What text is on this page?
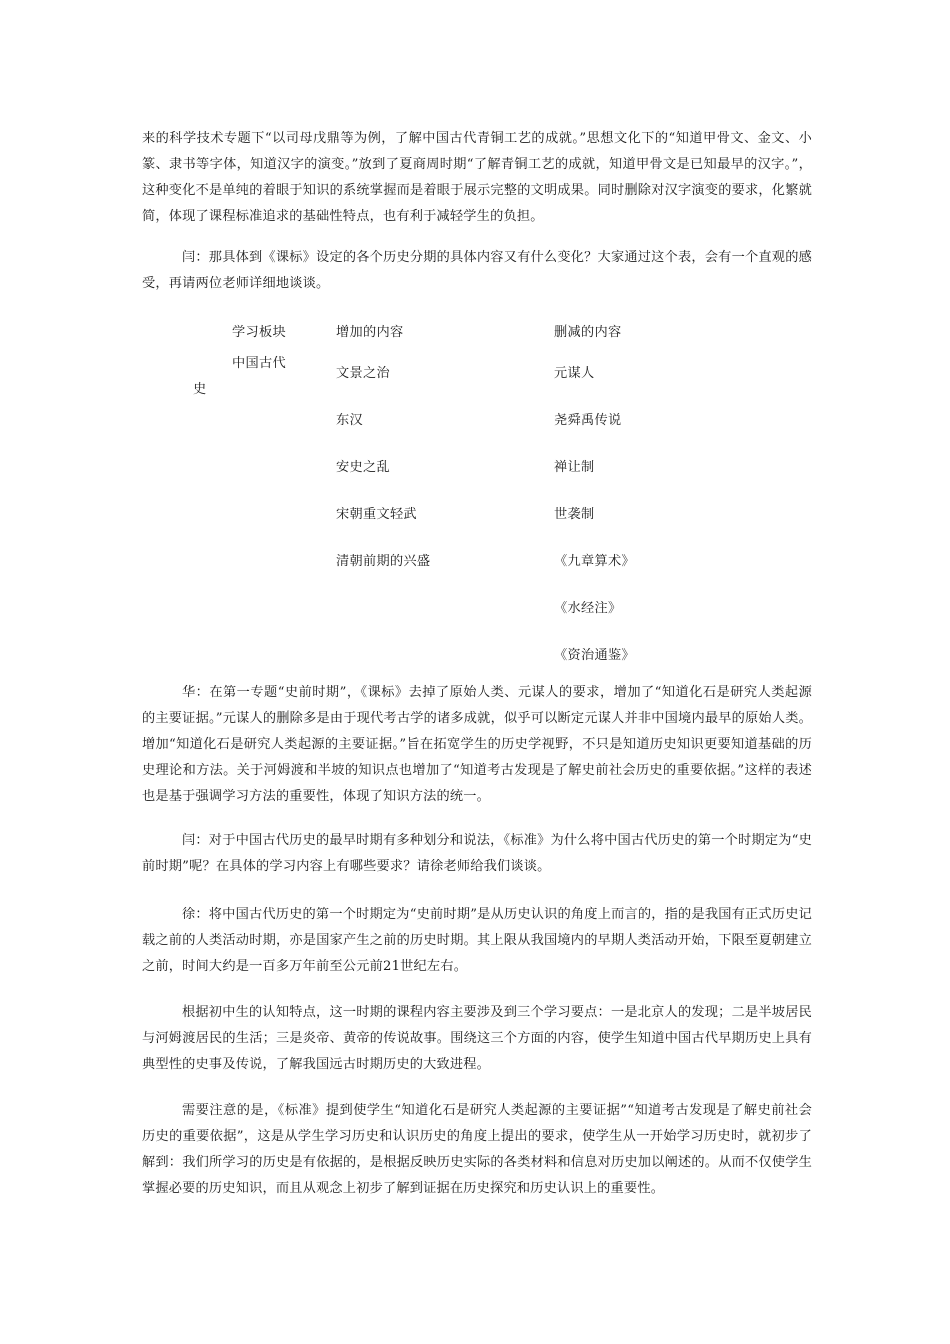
来的科学技术专题下“以司母戊鼎等为例，了解中国古代青铜工艺的成就。”思想文化下的“知道甲骨文、金文、小篆、隶书等字体，知道汉字的演变。”放到了夏商周时期“了解青铜工艺的成就，知道甲骨文是已知最早的汉字。”，这种变化不是单纯的着眼于知识的系统掌握而是着眼于展示完整的文明成果。同时删除对汉字演变的要求，化繁就简，体现了课程标准追求的基础性特点，也有利于减轻学生的负担。

闫：那具体到《课标》设定的各个历史分期的具体内容又有什么变化？大家通过这个表，会有一个直观的感受，再请两位老师详细地谈谈。

学习板块	增加的内容	删减的内容
中国古代
史
文景之治
东汉
安史之乱
宋朝重文轻武
清朝前期的兴盛
元谋人
尧舜禹传说
禅让制
世袭制
《九章算术》
《水经注》
《资治通鉴》

华：在第一专题“史前时期”，《课标》去掉了原始人类、元谋人的要求，增加了“知道化石是研究人类起源的主要证据。”元谋人的删除多是由于现代考古学的诸多成就，似乎可以断定元谋人并非中国境内最早的原始人类。增加“知道化石是研究人类起源的主要证据。”旨在拓宽学生的历史学视野，不只是知道历史知识更要知道基础的历史理论和方法。关于河姆渡和半坡的知识点也增加了“知道考古发现是了解史前社会历史的重要依据。”这样的表述也是基于强调学习方法的重要性，体现了知识方法的统一。

闫：对于中国古代历史的最早时期有多种划分和说法，《标准》为什么将中国古代历史的第一个时期定为“史前时期”呢？在具体的学习内容上有哪些要求？请徐老师给我们谈谈。

徐：将中国古代历史的第一个时期定为“史前时期”是从历史认识的角度上而言的，指的是我国有正式历史记载之前的人类活动时期，亦是国家产生之前的历史时期。其上限从我国境内的早期人类活动开始，下限至夏朝建立之前，时间大约是一百多万年前至公元前21世纪左右。

根据初中生的认知特点，这一时期的课程内容主要涉及到三个学习要点：一是北京人的发现；二是半坡居民与河姆渡居民的生活；三是炎帝、黄帝的传说故事。围绕这三个方面的内容，使学生知道中国古代早期历史上具有典型性的史事及传说，了解我国远古时期历史的大致进程。

需要注意的是，《标准》提到使学生“知道化石是研究人类起源的主要证据”“知道考古发现是了解史前社会历史的重要依据”，这是从学生学习历史和认识历史的角度上提出的要求，使学生从一开始学习历史时，就初步了解到：我们所学习的历史是有依据的，是根据反映历史实际的各类材料和信息对历史加以阐述的。从而不仅使学生掌握必要的历史知识，而且从观念上初步了解到证据在历史探究和历史认识上的重要性。
